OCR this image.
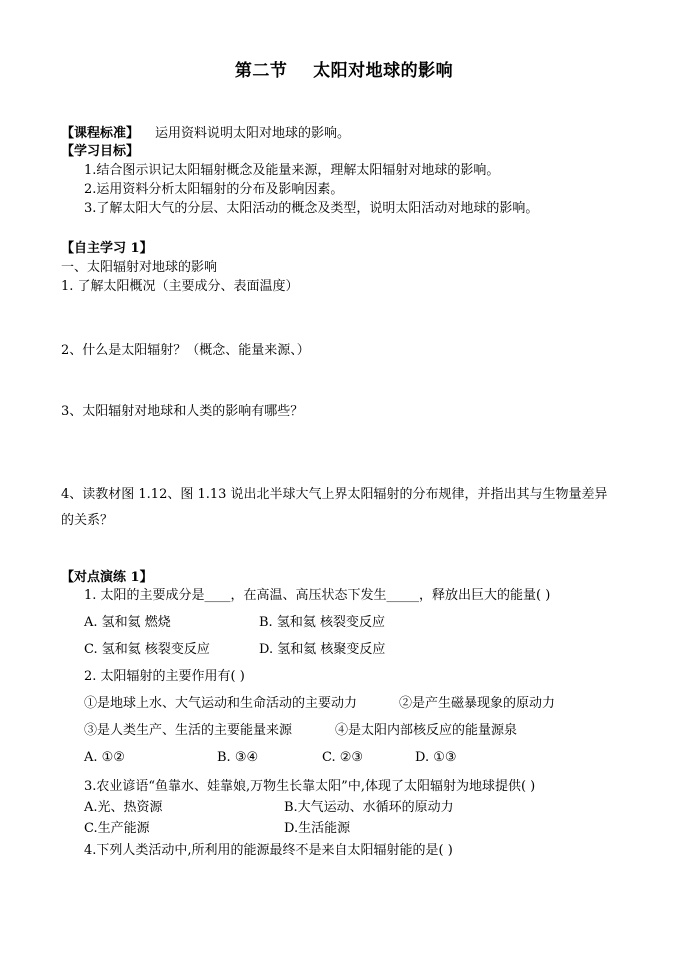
第二节    太阳对地球的影响
【课程标准】 运用资料说明太阳对地球的影响。
【学习目标】
1.结合图示识记太阳辐射概念及能量来源，理解太阳辐射对地球的影响。
2.运用资料分析太阳辐射的分布及影响因素。
3.了解太阳大气的分层、太阳活动的概念及类型，说明太阳活动对地球的影响。
【自主学习 1】
一、太阳辐射对地球的影响
1. 了解太阳概况（主要成分、表面温度）
2、什么是太阳辐射？（概念、能量来源、）
3、太阳辐射对地球和人类的影响有哪些？
4、读教材图 1.12、图 1.13 说出北半球大气上界太阳辐射的分布规律，并指出其与生物量差异
的关系？
【对点演练 1】
1. 太阳的主要成分是____，在高温、高压状态下发生_____，释放出巨大的能量( )
A. 氢和氦 燃烧	B. 氢和氦 核裂变反应
C. 氢和氦 核裂变反应	D. 氢和氦 核聚变反应
2. 太阳辐射的主要作用有( )
①是地球上水、大气运动和生命活动的主要动力	②是产生磁暴现象的原动力
③是人类生产、生活的主要能量来源	④是太阳内部核反应的能量源泉
A. ①②	B. ③④	C. ②③	D. ①③
3.农业谚语“鱼靠水、娃靠娘,万物生长靠太阳”中,体现了太阳辐射为地球提供( )
A.光、热资源	B.大气运动、水循环的原动力
C.生产能源	D.生活能源
4.下列人类活动中,所利用的能源最终不是来自太阳辐射能的是( )
